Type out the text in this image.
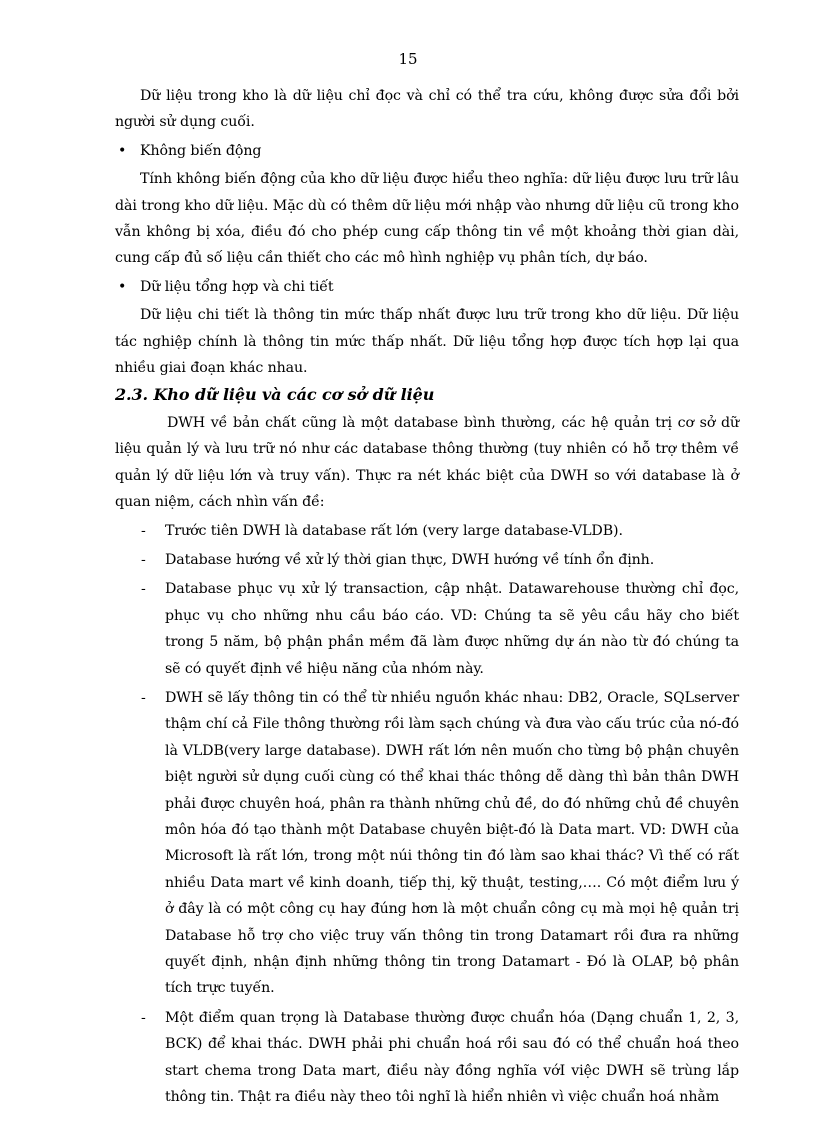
15

Dữ liệu trong kho là dữ liệu chỉ đọc và chỉ có thể tra cứu, không được sửa đổi bởi người sử dụng cuối.

• Không biến động

Tính không biến động của kho dữ liệu được hiểu theo nghĩa: dữ liệu được lưu trữ lâu dài trong kho dữ liệu. Mặc dù có thêm dữ liệu mới nhập vào nhưng dữ liệu cũ trong kho vẫn không bị xóa, điều đó cho phép cung cấp thông tin về một khoảng thời gian dài, cung cấp đủ số liệu cần thiết cho các mô hình nghiệp vụ phân tích, dự báo.

• Dữ liệu tổng hợp và chi tiết

Dữ liệu chi tiết là thông tin mức thấp nhất được lưu trữ trong kho dữ liệu. Dữ liệu tác nghiệp chính là thông tin mức thấp nhất. Dữ liệu tổng hợp được tích hợp lại qua nhiều giai đoạn khác nhau.

2.3. Kho dữ liệu và các cơ sở dữ liệu

DWH về bản chất cũng là một database bình thường, các hệ quản trị cơ sở dữ liệu quản lý và lưu trữ nó như các database thông thường (tuy nhiên có hỗ trợ thêm về quản lý dữ liệu lớn và truy vấn). Thực ra nét khác biệt của DWH so với database là ở quan niệm, cách nhìn vấn đề:

- Trước tiên DWH là database rất lớn (very large database-VLDB).
- Database hướng về xử lý thời gian thực, DWH hướng về tính ổn định.
- Database phục vụ xử lý transaction, cập nhật. Datawarehouse thường chỉ đọc, phục vụ cho những nhu cầu báo cáo. VD: Chúng ta sẽ yêu cầu hãy cho biết trong 5 năm, bộ phận phần mềm đã làm được những dự án nào từ đó chúng ta sẽ có quyết định về hiệu năng của nhóm này.
- DWH sẽ lấy thông tin có thể từ nhiều nguồn khác nhau: DB2, Oracle, SQLserver thậm chí cả File thông thường rồi làm sạch chúng và đưa vào cấu trúc của nó-đó là VLDB(very large database). DWH rất lớn nên muốn cho từng bộ phận chuyên biệt người sử dụng cuối cùng có thể khai thác thông dễ dàng thì bản thân DWH phải được chuyên hoá, phân ra thành những chủ đề, do đó những chủ đề chuyên môn hóa đó tạo thành một Database chuyên biệt-đó là Data mart. VD: DWH của Microsoft là rất lớn, trong một núi thông tin đó làm sao khai thác? Vì thế có rất nhiều Data mart về kinh doanh, tiếp thị, kỹ thuật, testing,…. Có một điểm lưu ý ở đây là có một công cụ hay đúng hơn là một chuẩn công cụ mà mọi hệ quản trị Database hỗ trợ cho việc truy vấn thông tin trong Datamart rồi đưa ra những quyết định, nhận định những thông tin trong Datamart - Đó là OLAP, bộ phân tích trực tuyến.
- Một điểm quan trọng là Database thường được chuẩn hóa (Dạng chuẩn 1, 2, 3, BCK) để khai thác. DWH phải phi chuẩn hoá rồi sau đó có thể chuẩn hoá theo start chema trong Data mart, điều này đồng nghĩa vớI việc DWH sẽ trùng lắp thông tin. Thật ra điều này theo tôi nghĩ là hiển nhiên vì việc chuẩn hoá nhằm
